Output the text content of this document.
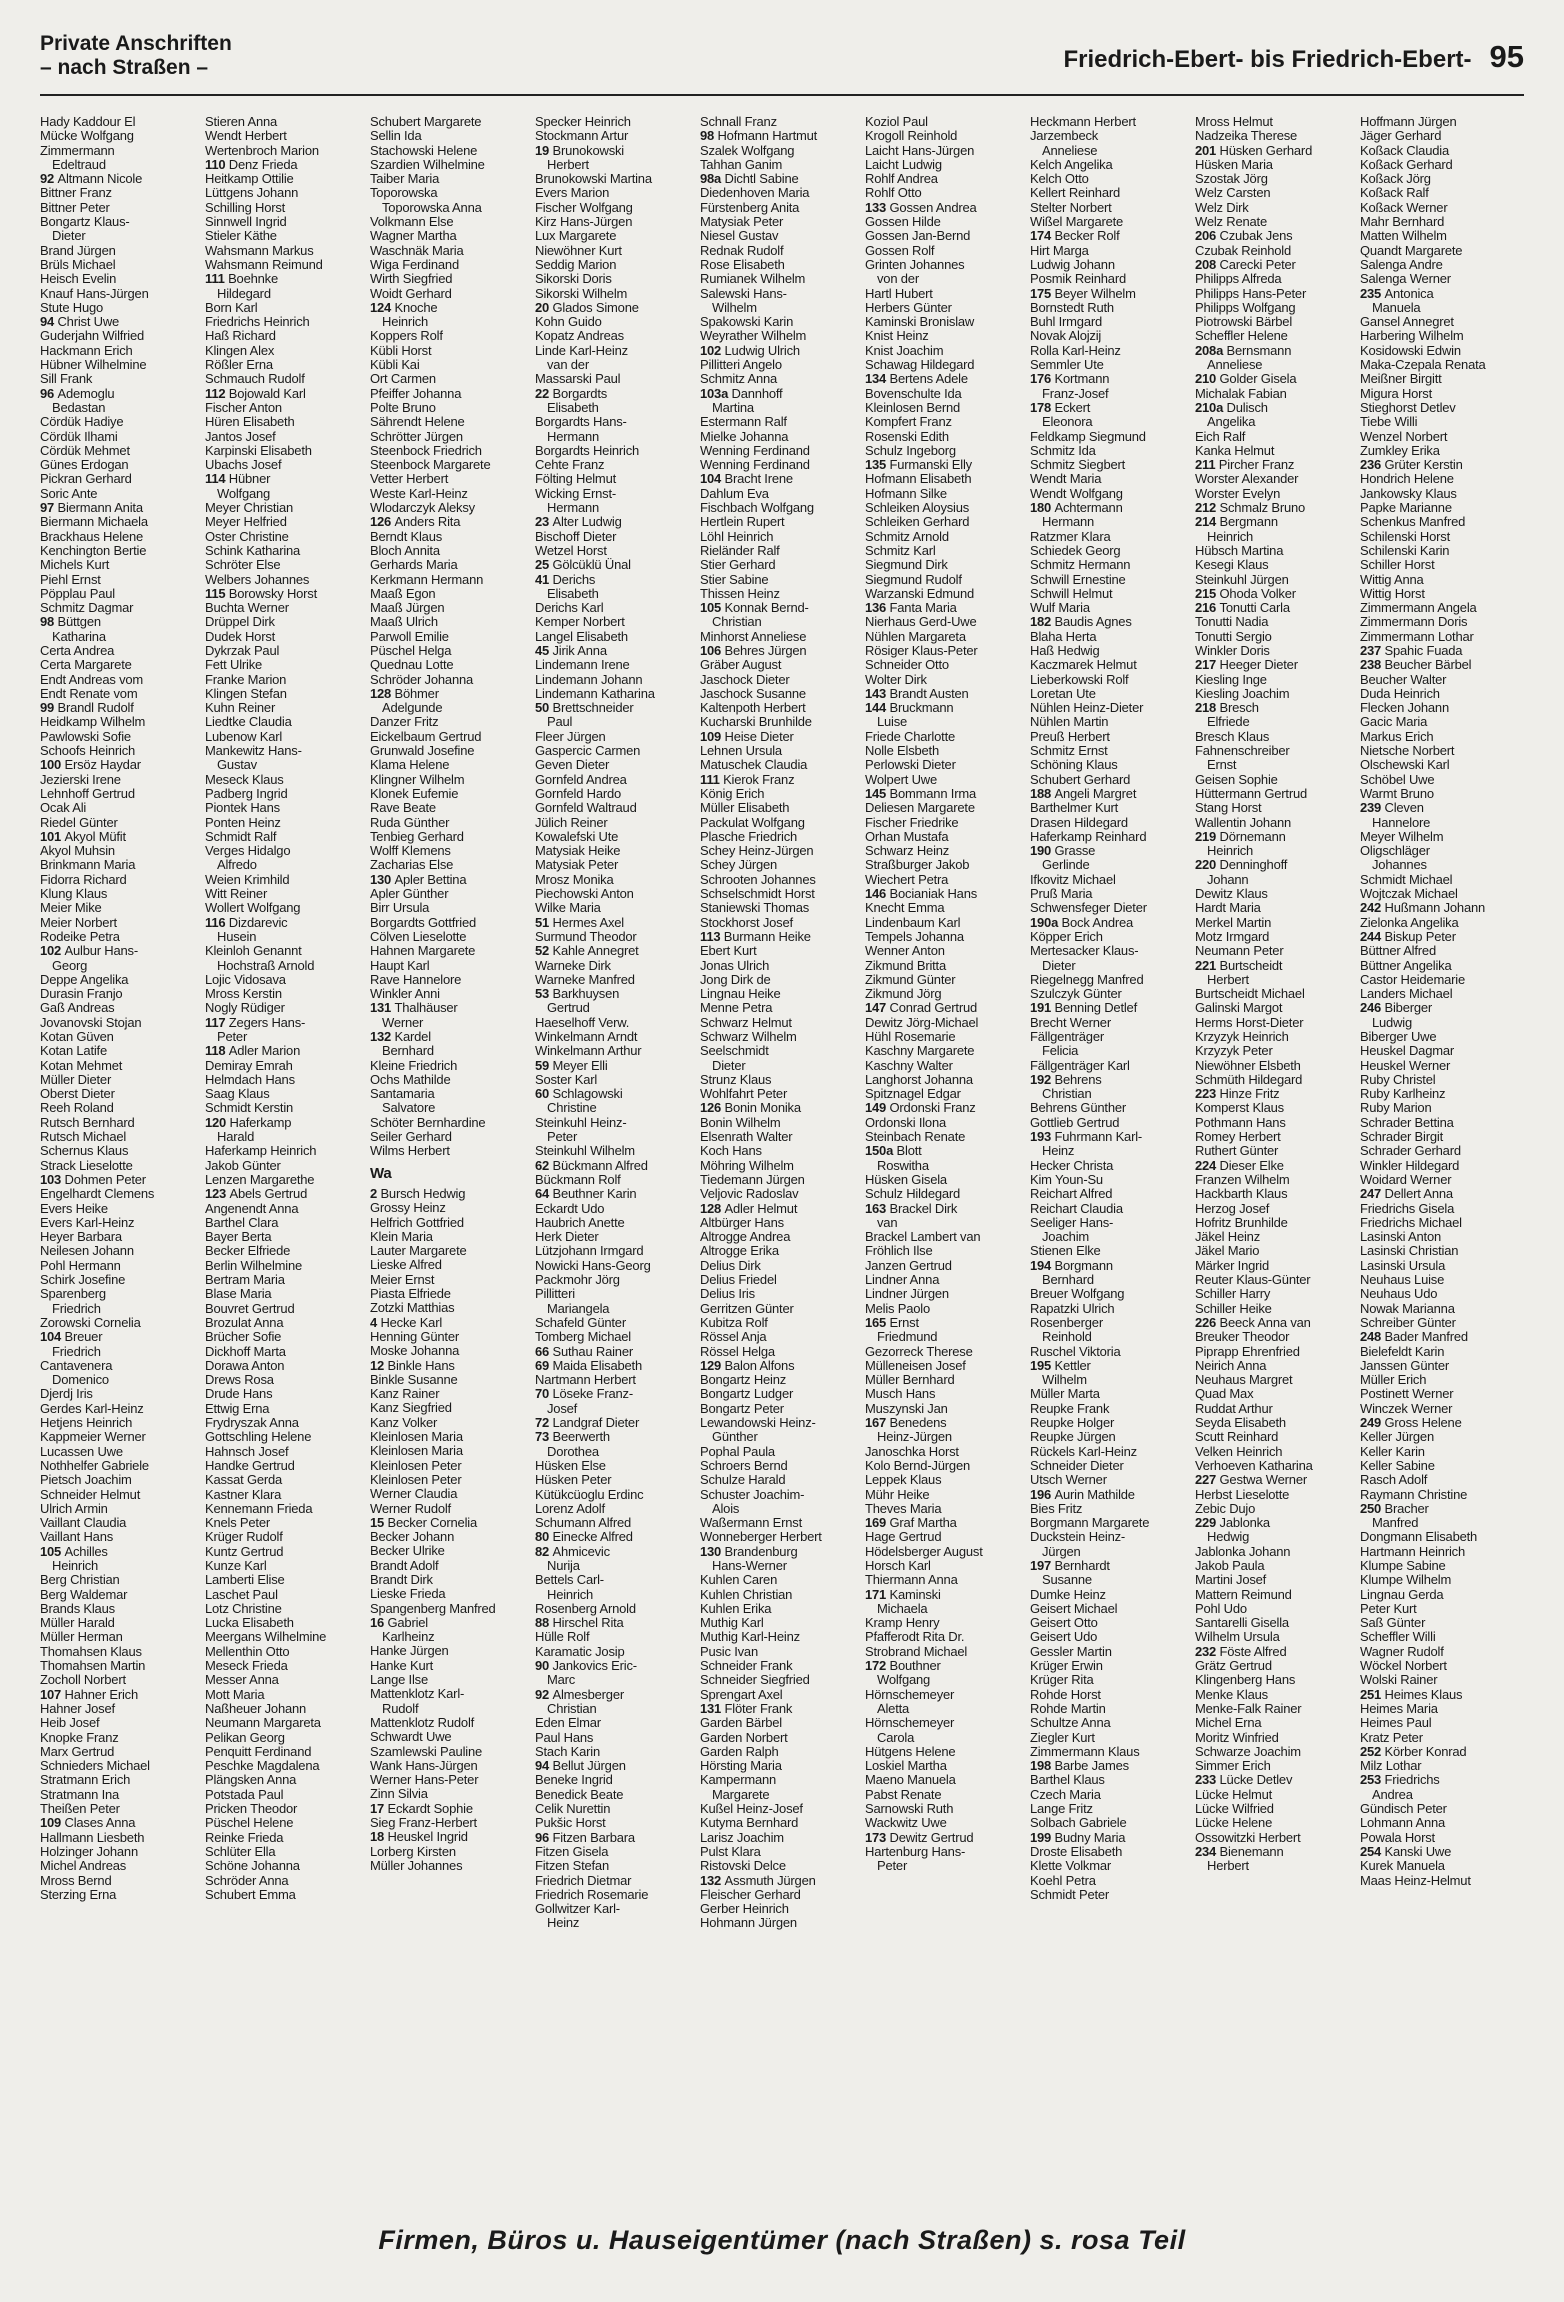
Private Anschriften
– nach Straßen –	Friedrich-Ebert- bis Friedrich-Ebert- 95
Hady Kaddour El
Mücke Wolfgang
Zimmermann
Edeltraud
92 Altmann Nicole
Bittner Franz
Bittner Peter
Bongartz Klaus-
Dieter
Brand Jürgen
Brüls Michael
Heisch Evelin
Knauf Hans-Jürgen
Stute Hugo
94 Christ Uwe
Guderjahn Wilfried
Hackmann Erich
Hübner Wilhelmine
Sill Frank
96 Ademoglu
Bedastan
Cördük Hadiye
Cördük Ilhami
Cördük Mehmet
Günes Erdogan
Pickran Gerhard
Soric Ante
97 Biermann Anita
Biermann Michaela
Brackhaus Helene
Kenchington Bertie
Michels Kurt
Piehl Ernst
Pöpplau Paul
Schmitz Dagmar
98 Büttgen
Katharina
Certa Andrea
Certa Margarete
Endt Andreas vom
Endt Renate vom
99 Brandl Rudolf
Heidkamp Wilhelm
Pawlowski Sofie
Schoofs Heinrich
100 Ersöz Haydar
Jezierski Irene
Lehnhoff Gertrud
Ocak Ali
Riedel Günter
101 Akyol Müfit
Akyol Muhsin
Brinkmann Maria
Fidorra Richard
Klung Klaus
Meier Mike
Meier Norbert
Rodeike Petra
102 Aulbur Hans-
Georg
Deppe Angelika
Durasin Franjo
Gaß Andreas
Jovanovski Stojan
Kotan Güven
Kotan Latife
Kotan Mehmet
Müller Dieter
Oberst Dieter
Reeh Roland
Rutsch Bernhard
Rutsch Michael
Schernus Klaus
Strack Lieselotte
103 Dohmen Peter
Engelhardt Clemens
Evers Heike
Evers Karl-Heinz
Heyer Barbara
Neilesen Johann
Pohl Hermann
Schirk Josefine
Sparenberg
Friedrich
Zorowski Cornelia
104 Breuer
Friedrich
Cantavenera
Domenico
Djerdj Iris
Gerdes Karl-Heinz
Hetjens Heinrich
Kappmeier Werner
Lucassen Uwe
Nothhelfer Gabriele
Pietsch Joachim
Schneider Helmut
Ulrich Armin
Vaillant Claudia
Vaillant Hans
105 Achilles
Heinrich
Berg Christian
Berg Waldemar
Brands Klaus
Müller Harald
Müller Herman
Thomahsen Klaus
Thomahsen Martin
Zocholl Norbert
107 Hahner Erich
Hahner Josef
Heib Josef
Knopke Franz
Marx Gertrud
Schnieders Michael
Stratmann Erich
Stratmann Ina
Theißen Peter
109 Clases Anna
Hallmann Liesbeth
Holzinger Johann
Michel Andreas
Mross Bernd
Sterzing Erna
Stieren Anna
Wendt Herbert
Wertenbroch Marion
110 Denz Frieda
Heitkamp Ottilie
Lüttgens Johann
Schilling Horst
Sinnwell Ingrid
Stieler Käthe
Wahsmann Markus
Wahsmann Reimund
111 Boehnke
Hildegard
Born Karl
Friedrichs Heinrich
Haß Richard
Klingen Alex
Rößler Erna
Schmauch Rudolf
112 Bojowald Karl
Fischer Anton
Hüren Elisabeth
Jantos Josef
Karpinski Elisabeth
Ubachs Josef
114 Hübner
Wolfgang
Meyer Christian
Meyer Helfried
Oster Christine
Schink Katharina
Schröter Else
Welbers Johannes
115 Borowsky Horst
Buchta Werner
Drüppel Dirk
Dudek Horst
Dykrzak Paul
Fett Ulrike
Franke Marion
Klingen Stefan
Kuhn Reiner
Liedtke Claudia
Lubenow Karl
Mankewitz Hans-
Gustav
Meseck Klaus
Padberg Ingrid
Piontek Hans
Ponten Heinz
Schmidt Ralf
Verges Hidalgo
Alfredo
Weien Krimhild
Witt Reiner
Wollert Wolfgang
116 Dizdarevic
Husein
Kleinloh Genannt
Hochstraß Arnold
Lojic Vidosava
Mross Kerstin
Nogly Rüdiger
117 Zegers Hans-
Peter
118 Adler Marion
Demiray Emrah
Helmdach Hans
Saag Klaus
Schmidt Kerstin
120 Haferkamp
Harald
Haferkamp Heinrich
Jakob Günter
Lenzen Margarethe
123 Abels Gertrud
Angenendt Anna
Barthel Clara
Bayer Berta
Becker Elfriede
Berlin Wilhelmine
Bertram Maria
Blase Maria
Bouvret Gertrud
Brozulat Anna
Brücher Sofie
Dickhoff Marta
Dorawa Anton
Drews Rosa
Drude Hans
Ettwig Erna
Frydryszak Anna
Gottschling Helene
Hahnsch Josef
Handke Gertrud
Kassat Gerda
Kastner Klara
Kennemann Frieda
Knels Peter
Krüger Rudolf
Kuntz Gertrud
Kunze Karl
Lamberti Elise
Laschet Paul
Lotz Christine
Lucka Elisabeth
Meergans Wilhelmine
Mellenthin Otto
Meseck Frieda
Messer Anna
Mott Maria
Naßheuer Johann
Neumann Margareta
Pelikan Georg
Penquitt Ferdinand
Peschke Magdalena
Plängsken Anna
Potstada Paul
Pricken Theodor
Püschel Helene
Reinke Frieda
Schlüter Ella
Schöne Johanna
Schröder Anna
Schubert Emma
Schubert Margarete
Sellin Ida
Stachowski Helene
Szardien Wilhelmine
Taiber Maria
Toporowska
Toporowska Anna
Volkmann Else
Wagner Martha
Waschnäk Maria
Wiga Ferdinand
Wirth Siegfried
Woidt Gerhard
124 Knoche
Heinrich
Koppers Rolf
Kübli Horst
Kübli Kai
Ort Carmen
Pfeiffer Johanna
Polte Bruno
Sährendt Helene
Schrötter Jürgen
Steenbock Friedrich
Steenbock Margarete
Vetter Herbert
Weste Karl-Heinz
Wlodarczyk Aleksy
126 Anders Rita
Berndt Klaus
Bloch Annita
Gerhards Maria
Kerkmann Hermann
Maaß Egon
Maaß Jürgen
Maaß Ulrich
Parwoll Emilie
Püschel Helga
Quednau Lotte
Schröder Johanna
128 Böhmer
Adelgunde
Danzer Fritz
Eickelbaum Gertrud
Grunwald Josefine
Klama Helene
Klingner Wilhelm
Klonek Eufemie
Rave Beate
Ruda Günther
Tenbieg Gerhard
Wolff Klemens
Zacharias Else
130 Apler Bettina
Apler Günther
Birr Ursula
Borgardts Gottfried
Cölven Lieselotte
Hahnen Margarete
Haupt Karl
Rave Hannelore
Winkler Anni
131 Thalhäuser
Werner
132 Kardel
Bernhard
Kleine Friedrich
Ochs Mathilde
Santamaria
Salvatore
Schöter Bernhardine
Seiler Gerhard
Wilms Herbert
Wa
2 Bursch Hedwig
Grossy Heinz
Helfrich Gottfried
Klein Maria
Lauter Margarete
Lieske Alfred
Meier Ernst
Piasta Elfriede
Zotzki Matthias
4 Hecke Karl
Henning Günter
Moske Johanna
12 Binkle Hans
Binkle Susanne
Kanz Rainer
Kanz Siegfried
Kanz Volker
Kleinlosen Maria
Kleinlosen Maria
Kleinlosen Peter
Kleinlosen Peter
Werner Claudia
Werner Rudolf
15 Becker Cornelia
Becker Johann
Becker Ulrike
Brandt Adolf
Brandt Dirk
Lieske Frieda
Spangenberg Manfred
16 Gabriel
Karlheinz
Hanke Jürgen
Hanke Kurt
Lange Ilse
Mattenklotz Karl-
Rudolf
Mattenklotz Rudolf
Schwardt Uwe
Szamlewski Pauline
Wank Hans-Jürgen
Werner Hans-Peter
Zinn Silvia
17 Eckardt Sophie
Sieg Franz-Herbert
18 Heuskel Ingrid
Lorberg Kirsten
Müller Johannes
Specker Heinrich
Stockmann Artur
19 Brunokowski
Herbert
Brunokowski Martina
Evers Marion
Fischer Wolfgang
Kirz Hans-Jürgen
Lux Margarete
Niewöhner Kurt
Seddig Marion
Sikorski Doris
Sikorski Wilhelm
20 Glados Simone
Kohn Guido
Kopatz Andreas
Linde Karl-Heinz
van der
Massarski Paul
22 Borgardts
Elisabeth
Borgardts Hans-
Hermann
Borgardts Heinrich
Cehte Franz
Fölting Helmut
Wicking Ernst-
Hermann
23 Alter Ludwig
Bischoff Dieter
Wetzel Horst
25 Gölcüklü Ünal
41 Derichs
Elisabeth
Derichs Karl
Kemper Norbert
Langel Elisabeth
45 Jirik Anna
Lindemann Irene
Lindemann Johann
Lindemann Katharina
50 Brettschneider
Paul
Fleer Jürgen
Gaspercic Carmen
Geven Dieter
Gornfeld Andrea
Gornfeld Hardo
Gornfeld Waltraud
Jülich Reiner
Kowalefski Ute
Matysiak Heike
Matysiak Peter
Mrosz Monika
Piechowski Anton
Wilke Maria
51 Hermes Axel
Surmund Theodor
52 Kahle Annegret
Warneke Dirk
Warneke Manfred
53 Barkhuysen
Gertrud
Haeselhoff Verw.
Winkelmann Arndt
Winkelmann Arthur
59 Meyer Elli
Soster Karl
60 Schlagowski
Christine
Steinkuhl Heinz-
Peter
Steinkuhl Wilhelm
62 Bückmann Alfred
Bückmann Rolf
64 Beuthner Karin
Eckardt Udo
Haubrich Anette
Herk Dieter
Lützjohann Irmgard
Nowicki Hans-Georg
Packmohr Jörg
Pillitteri
Mariangela
Schafeld Günter
Tomberg Michael
66 Suthau Rainer
69 Maida Elisabeth
Nartmann Herbert
70 Löseke Franz-
Josef
72 Landgraf Dieter
73 Beerwerth
Dorothea
Hüsken Else
Hüsken Peter
Kütükcüoglu Erdinc
Lorenz Adolf
Schumann Alfred
80 Einecke Alfred
82 Ahmicevic
Nurija
Bettels Carl-
Heinrich
Rosenberg Arnold
88 Hirschel Rita
Hülle Rolf
Karamatic Josip
90 Jankovics Eric-
Marc
92 Almesberger
Christian
Eden Elmar
Paul Hans
Stach Karin
94 Bellut Jürgen
Beneke Ingrid
Benedick Beate
Celik Nurettin
Pukšic Horst
96 Fitzen Barbara
Fitzen Gisela
Fitzen Stefan
Friedrich Dietmar
Friedrich Rosemarie
Gollwitzer Karl-
Heinz
Schnall Franz
98 Hofmann Hartmut
Szalek Wolfgang
Tahhan Ganim
98a Dichtl Sabine
Diedenhoven Maria
Fürstenberg Anita
Matysiak Peter
Niesel Gustav
Rednak Rudolf
Rose Elisabeth
Rumianek Wilhelm
Salewski Hans-
Wilhelm
Spakowski Karin
Weyrather Wilhelm
102 Ludwig Ulrich
Pillitteri Angelo
Schmitz Anna
103a Dannhoff
Martina
Estermann Ralf
Mielke Johanna
Wenning Ferdinand
Wenning Ferdinand
104 Bracht Irene
Dahlum Eva
Fischbach Wolfgang
Hertlein Rupert
Löhl Heinrich
Rieländer Ralf
Stier Gerhard
Stier Sabine
Thissen Heinz
105 Konnak Bernd-
Christian
Minhorst Anneliese
106 Behres Jürgen
Gräber August
Jaschock Dieter
Jaschock Susanne
Kaltenpoth Herbert
Kucharski Brunhilde
109 Heise Dieter
Lehnen Ursula
Matuschek Claudia
111 Kierok Franz
König Erich
Müller Elisabeth
Packulat Wolfgang
Plasche Friedrich
Schey Heinz-Jürgen
Schey Jürgen
Schrooten Johannes
Schselschmidt Horst
Staniewski Thomas
Stockhorst Josef
113 Burmann Heike
Ebert Kurt
Jonas Ulrich
Jong Dirk de
Lingnau Heike
Menne Petra
Schwarz Helmut
Schwarz Wilhelm
Seelschmidt
Dieter
Strunz Klaus
Wohlfahrt Peter
126 Bonin Monika
Bonin Wilhelm
Elsenrath Walter
Koch Hans
Möhring Wilhelm
Tiedemann Jürgen
Veljovic Radoslav
128 Adler Helmut
Altbürger Hans
Altrogge Andrea
Altrogge Erika
Delius Dirk
Delius Friedel
Delius Iris
Gerritzen Günter
Kubitza Rolf
Rössel Anja
Rössel Helga
129 Balon Alfons
Bongartz Heinz
Bongartz Ludger
Bongartz Peter
Lewandowski Heinz-
Günther
Pophal Paula
Schroers Bernd
Schulze Harald
Schuster Joachim-
Alois
Waßermann Ernst
Wonneberger Herbert
130 Brandenburg
Hans-Werner
Kuhlen Caren
Kuhlen Christian
Kuhlen Erika
Muthig Karl
Muthig Karl-Heinz
Pusic Ivan
Schneider Frank
Schneider Siegfried
Sprengart Axel
131 Flöter Frank
Garden Bärbel
Garden Norbert
Garden Ralph
Hörsting Maria
Kampermann
Margarete
Kußel Heinz-Josef
Kutyma Bernhard
Larisz Joachim
Pulst Klara
Ristovski Delce
132 Assmuth Jürgen
Fleischer Gerhard
Gerber Heinrich
Hohmann Jürgen
Koziol Paul
Krogoll Reinhold
Laicht Hans-Jürgen
Laicht Ludwig
Rohlf Andrea
Rohlf Otto
133 Gossen Andrea
Gossen Hilde
Gossen Jan-Bernd
Gossen Rolf
Grinten Johannes
von der
Hartl Hubert
Herbers Günter
Kaminski Bronislaw
Knist Heinz
Knist Joachim
Schawag Hildegard
134 Bertens Adele
Bovenschulte Ida
Kleinlosen Bernd
Kompfert Franz
Rosenski Edith
Schulz Ingeborg
135 Furmanski Elly
Hofmann Elisabeth
Hofmann Silke
Schleiken Aloysius
Schleiken Gerhard
Schmitz Arnold
Schmitz Karl
Siegmund Dirk
Siegmund Rudolf
Warzanski Edmund
136 Fanta Maria
Nierhaus Gerd-Uwe
Nühlen Margareta
Rösiger Klaus-Peter
Schneider Otto
Wolter Dirk
143 Brandt Austen
144 Bruckmann
Luise
Friede Charlotte
Nolle Elsbeth
Perlowski Dieter
Wolpert Uwe
145 Bommann Irma
Deliesen Margarete
Fischer Friedrike
Orhan Mustafa
Schwarz Heinz
Straßburger Jakob
Wiechert Petra
146 Bocianiak Hans
Knecht Emma
Lindenbaum Karl
Tempels Johanna
Wenner Anton
Zikmund Britta
Zikmund Günter
Zikmund Jörg
147 Conrad Gertrud
Dewitz Jörg-Michael
Hühl Rosemarie
Kaschny Margarete
Kaschny Walter
Langhorst Johanna
Spitznagel Edgar
149 Ordonski Franz
Ordonski Ilona
Steinbach Renate
150a Blott
Roswitha
Hüsken Gisela
Schulz Hildegard
163 Brackel Dirk
van
Brackel Lambert van
Fröhlich Ilse
Janzen Gertrud
Lindner Anna
Lindner Jürgen
Melis Paolo
165 Ernst
Friedmund
Gezorreck Therese
Mülleneisen Josef
Müller Bernhard
Musch Hans
Muszynski Jan
167 Benedens
Heinz-Jürgen
Janoschka Horst
Kolo Bernd-Jürgen
Leppek Klaus
Mühr Heike
Theves Maria
169 Graf Martha
Hage Gertrud
Hödelsberger August
Horsch Karl
Thiermann Anna
171 Kaminski
Michaela
Kramp Henry
Pfafferodt Rita Dr.
Strobrand Michael
172 Bouthner
Wolfgang
Hörnschemeyer
Aletta
Hörnschemeyer
Carola
Hütgens Helene
Loskiel Martha
Maeno Manuela
Pabst Renate
Sarnowski Ruth
Wackwitz Uwe
173 Dewitz Gertrud
Hartenburg Hans-
Peter
Heckmann Herbert
Jarzembeck
Anneliese
Kelch Angelika
Kelch Otto
Kellert Reinhard
Stelter Norbert
Wißel Margarete
174 Becker Rolf
Hirt Marga
Ludwig Johann
Posmik Reinhard
175 Beyer Wilhelm
Bornstedt Ruth
Buhl Irmgard
Novak Alojzij
Rolla Karl-Heinz
Semmler Ute
176 Kortmann
Franz-Josef
178 Eckert
Eleonora
Feldkamp Siegmund
Schmitz Ida
Schmitz Siegbert
Wendt Maria
Wendt Wolfgang
180 Achtermann
Hermann
Ratzmer Klara
Schiedek Georg
Schmitz Hermann
Schwill Ernestine
Schwill Helmut
Wulf Maria
182 Baudis Agnes
Blaha Herta
Haß Hedwig
Kaczmarek Helmut
Lieberkowski Rolf
Loretan Ute
Nühlen Heinz-Dieter
Nühlen Martin
Preuß Herbert
Schmitz Ernst
Schöning Klaus
Schubert Gerhard
188 Angeli Margret
Barthelmer Kurt
Drasen Hildegard
Haferkamp Reinhard
190 Grasse
Gerlinde
Ifkovitz Michael
Pruß Maria
Schwensfeger Dieter
190a Bock Andrea
Köpper Erich
Mertesacker Klaus-
Dieter
Riegelnegg Manfred
Szulczyk Günter
191 Benning Detlef
Brecht Werner
Fällgenträger
Felicia
Fällgenträger Karl
192 Behrens
Christian
Behrens Günther
Gottlieb Gertrud
193 Fuhrmann Karl-
Heinz
Hecker Christa
Kim Youn-Su
Reichart Alfred
Reichart Claudia
Seeliger Hans-
Joachim
Stienen Elke
194 Borgmann
Bernhard
Breuer Wolfgang
Rapatzki Ulrich
Rosenberger
Reinhold
Ruschel Viktoria
195 Kettler
Wilhelm
Müller Marta
Reupke Frank
Reupke Holger
Reupke Jürgen
Rückels Karl-Heinz
Schneider Dieter
Utsch Werner
196 Aurin Mathilde
Bies Fritz
Borgmann Margarete
Duckstein Heinz-
Jürgen
197 Bernhardt
Susanne
Dumke Heinz
Geisert Michael
Geisert Otto
Geisert Udo
Gessler Martin
Krüger Erwin
Krüger Rita
Rohde Horst
Rohde Martin
Schultze Anna
Ziegler Kurt
Zimmermann Klaus
198 Barbe James
Barthel Klaus
Czech Maria
Lange Fritz
Solbach Gabriele
199 Budny Maria
Droste Elisabeth
Klette Volkmar
Koehl Petra
Schmidt Peter
Mross Helmut
Nadzeika Therese
201 Hüsken Gerhard
Hüsken Maria
Szostak Jörg
Welz Carsten
Welz Dirk
Welz Renate
206 Czubak Jens
Czubak Reinhold
208 Carecki Peter
Philipps Alfreda
Philipps Hans-Peter
Philipps Wolfgang
Piotrowski Bärbel
Scheffler Helene
208a Bernsmann
Anneliese
210 Golder Gisela
Michalak Fabian
210a Dulisch
Angelika
Eich Ralf
Kanka Helmut
211 Pircher Franz
Worster Alexander
Worster Evelyn
212 Schmalz Bruno
214 Bergmann
Heinrich
Hübsch Martina
Kesegi Klaus
Steinkuhl Jürgen
215 Ohoda Volker
216 Tonutti Carla
Tonutti Nadia
Tonutti Sergio
Winkler Doris
217 Heeger Dieter
Kiesling Inge
Kiesling Joachim
218 Bresch
Elfriede
Bresch Klaus
Fahnenschreiber
Ernst
Geisen Sophie
Hüttermann Gertrud
Stang Horst
Wallentin Johann
219 Dörnemann
Heinrich
220 Denninghoff
Johann
Dewitz Klaus
Hardt Maria
Merkel Martin
Motz Irmgard
Neumann Peter
221 Burtscheidt
Herbert
Burtscheidt Michael
Galinski Margot
Herms Horst-Dieter
Krzyzyk Heinrich
Krzyzyk Peter
Niewöhner Elsbeth
Schmüth Hildegard
223 Hinze Fritz
Komperst Klaus
Pothmann Hans
Romey Herbert
Ruthert Günter
224 Dieser Elke
Franzen Wilhelm
Hackbarth Klaus
Herzog Josef
Hofritz Brunhilde
Jäkel Heinz
Jäkel Mario
Märker Ingrid
Reuter Klaus-Günter
Schiller Harry
Schiller Heike
226 Beeck Anna van
Breuker Theodor
Piprapp Ehrenfried
Neirich Anna
Neuhaus Margret
Quad Max
Ruddat Arthur
Seyda Elisabeth
Scutt Reinhard
Velken Heinrich
Verhoeven Katharina
227 Gestwa Werner
Herbst Lieselotte
Zebic Dujo
229 Jablonka
Hedwig
Jablonka Johann
Jakob Paula
Martini Josef
Mattern Reimund
Pohl Udo
Santarelli Gisella
Wilhelm Ursula
232 Föste Alfred
Grätz Gertrud
Klingenberg Hans
Menke Klaus
Menke-Falk Rainer
Michel Erna
Moritz Winfried
Schwarze Joachim
Simmer Erich
233 Lücke Detlev
Lücke Helmut
Lücke Wilfried
Lücke Helene
Ossowitzki Herbert
234 Bienemann
Herbert
Hoffmann Jürgen
Jäger Gerhard
Koßack Claudia
Koßack Gerhard
Koßack Jörg
Koßack Ralf
Koßack Werner
Mahr Bernhard
Matten Wilhelm
Quandt Margarete
Salenga Andre
Salenga Werner
235 Antonica
Manuela
Gansel Annegret
Harbering Wilhelm
Kosidowski Edwin
Maka-Czepala Renata
Meißner Birgitt
Migura Horst
Stieghorst Detlev
Tiebe Willi
Wenzel Norbert
Zumkley Erika
236 Grüter Kerstin
Hondrich Helene
Jankowsky Klaus
Papke Marianne
Schenkus Manfred
Schilenski Horst
Schilenski Karin
Schiller Horst
Wittig Anna
Wittig Horst
Zimmermann Angela
Zimmermann Doris
Zimmermann Lothar
237 Spahic Fuada
238 Beucher Bärbel
Beucher Walter
Duda Heinrich
Flecken Johann
Gacic Maria
Markus Erich
Nietsche Norbert
Olschewski Karl
Schöbel Uwe
Warmt Bruno
239 Cleven
Hannelore
Meyer Wilhelm
Oligschläger
Johannes
Schmidt Michael
Wojtczak Michael
242 Hußmann Johann
Zielonka Angelika
244 Biskup Peter
Büttner Alfred
Büttner Angelika
Castor Heidemarie
Landers Michael
246 Biberger
Ludwig
Biberger Uwe
Heuskel Dagmar
Heuskel Werner
Ruby Christel
Ruby Karlheinz
Ruby Marion
Schrader Bettina
Schrader Birgit
Schrader Gerhard
Winkler Hildegard
Woidard Werner
247 Dellert Anna
Friedrichs Gisela
Friedrichs Michael
Lasinski Anton
Lasinski Christian
Lasinski Ursula
Neuhaus Luise
Neuhaus Udo
Nowak Marianna
Schreiber Günter
248 Bader Manfred
Bielefeldt Karin
Janssen Günter
Müller Erich
Postinett Werner
Winczek Werner
249 Gross Helene
Keller Jürgen
Keller Karin
Keller Sabine
Rasch Adolf
Raymann Christine
250 Bracher
Manfred
Dongmann Elisabeth
Hartmann Heinrich
Klumpe Sabine
Klumpe Wilhelm
Lingnau Gerda
Peter Kurt
Saß Günter
Scheffler Willi
Wagner Rudolf
Wöckel Norbert
Wolski Rainer
251 Heimes Klaus
Heimes Maria
Heimes Paul
Kratz Peter
252 Körber Konrad
Milz Lothar
253 Friedrichs
Andrea
Gündisch Peter
Lohmann Anna
Powala Horst
254 Kanski Uwe
Kurek Manuela
Maas Heinz-Helmut
Firmen, Büros u. Hauseigentümer (nach Straßen) s. rosa Teil
